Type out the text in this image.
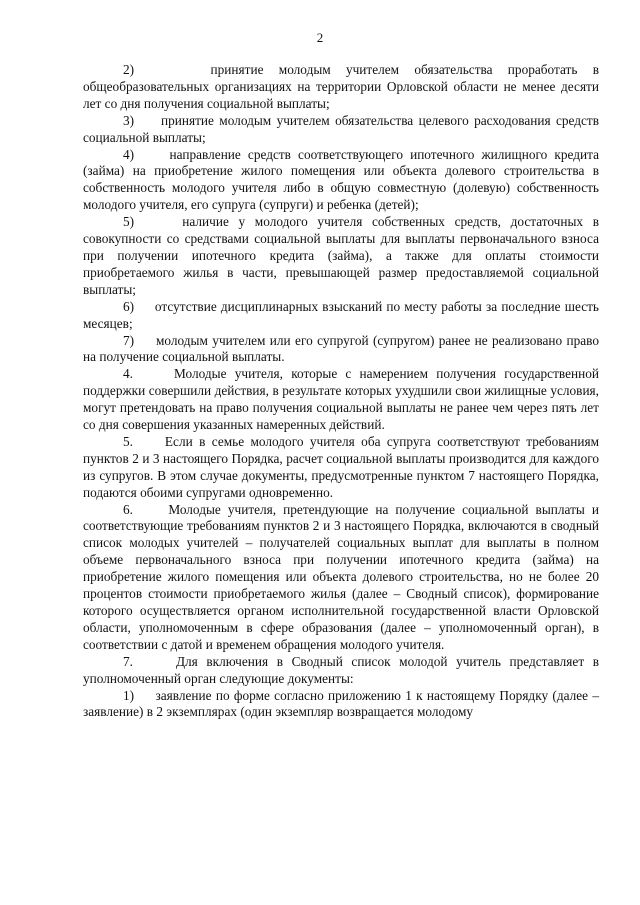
2

2)     принятие молодым учителем обязательства проработать в общеобразовательных организациях на территории Орловской области не менее десяти лет со дня получения социальной выплаты;

3)     принятие молодым учителем обязательства целевого расходования средств социальной выплаты;

4)     направление средств соответствующего ипотечного жилищного кредита (займа) на приобретение жилого помещения или объекта долевого строительства в собственность молодого учителя либо в общую совместную (долевую) собственность молодого учителя, его супруга (супруги) и ребенка (детей);

5)     наличие у молодого учителя собственных средств, достаточных в совокупности со средствами социальной выплаты для выплаты первоначального взноса при получении ипотечного кредита (займа), а также для оплаты стоимости приобретаемого жилья в части, превышающей размер предоставляемой социальной выплаты;

6)     отсутствие дисциплинарных взысканий по месту работы за последние шесть месяцев;

7)     молодым учителем или его супругой (супругом) ранее не реализовано право на получение социальной выплаты.

4.     Молодые учителя, которые с намерением получения государственной поддержки совершили действия, в результате которых ухудшили свои жилищные условия, могут претендовать на право получения социальной выплаты не ранее чем через пять лет со дня совершения указанных намеренных действий.

5.     Если в семье молодого учителя оба супруга соответствуют требованиям пунктов 2 и 3 настоящего Порядка, расчет социальной выплаты производится для каждого из супругов. В этом случае документы, предусмотренные пунктом 7 настоящего Порядка, подаются обоими супругами одновременно.

6.     Молодые учителя, претендующие на получение социальной выплаты и соответствующие требованиям пунктов 2 и 3 настоящего Порядка, включаются в сводный список молодых учителей – получателей социальных выплат для выплаты в полном объеме первоначального взноса при получении ипотечного кредита (займа) на приобретение жилого помещения или объекта долевого строительства, но не более 20 процентов стоимости приобретаемого жилья (далее – Сводный список), формирование которого осуществляется органом исполнительной государственной власти Орловской области, уполномоченным в сфере образования (далее – уполномоченный орган), в соответствии с датой и временем обращения молодого учителя.

7.     Для включения в Сводный список молодой учитель представляет в уполномоченный орган следующие документы:

1)     заявление по форме согласно приложению 1 к настоящему Порядку (далее – заявление) в 2 экземплярах (один экземпляр возвращается молодому
